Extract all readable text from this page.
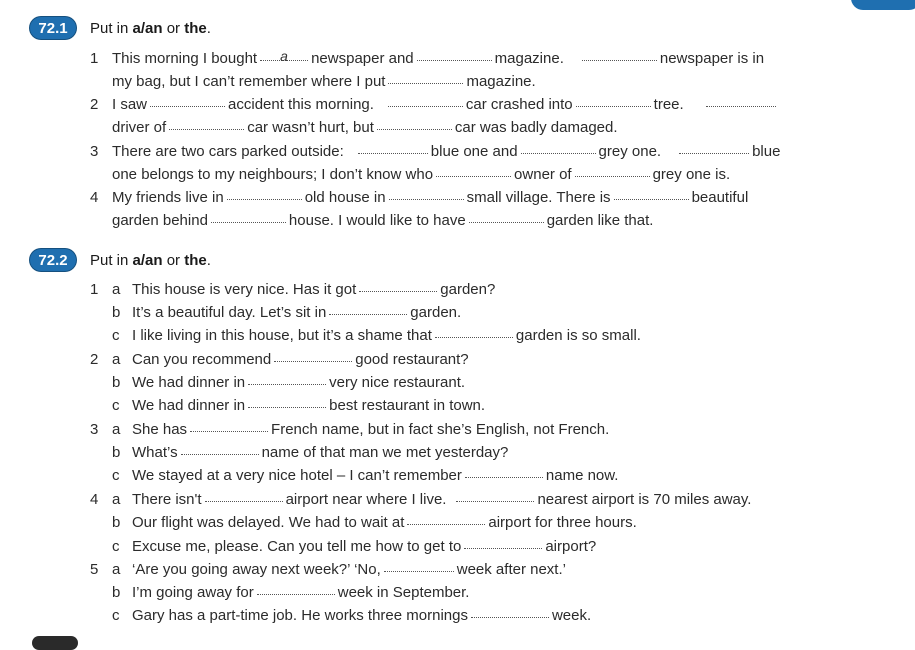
72.1	Put in a/an or the.
1 This morning I bought a newspaper and	magazine.	newspaper is in
my bag, but I can’t remember where I put	magazine.
2 I saw	accident this morning.	car crashed into	tree.
driver of	car wasn’t hurt, but	car was badly damaged.
3 There are two cars parked outside:	blue one and	grey one.	blue
one belongs to my neighbours; I don’t know who	owner of	grey one is.
4 My friends live in	old house in	small village. There is	beautiful
garden behind	house. I would like to have	garden like that.
72.2	Put in a/an or the.
1 a This house is very nice. Has it got	garden?
b It’s a beautiful day. Let’s sit in	garden.
c I like living in this house, but it’s a shame that	garden is so small.
2 a Can you recommend	good restaurant?
b We had dinner in	very nice restaurant.
c We had dinner in	best restaurant in town.
3 a She has	French name, but in fact she’s English, not French.
b What’s	name of that man we met yesterday?
c We stayed at a very nice hotel – I can’t remember	name now.
4 a There isn't	airport near where I live.	nearest airport is 70 miles away.
b Our flight was delayed. We had to wait at	airport for three hours.
c Excuse me, please. Can you tell me how to get to	airport?
5 a ‘Are you going away next week?’ ‘No,	week after next.’
b I’m going away for	week in September.
c Gary has a part-time job. He works three mornings	week.
